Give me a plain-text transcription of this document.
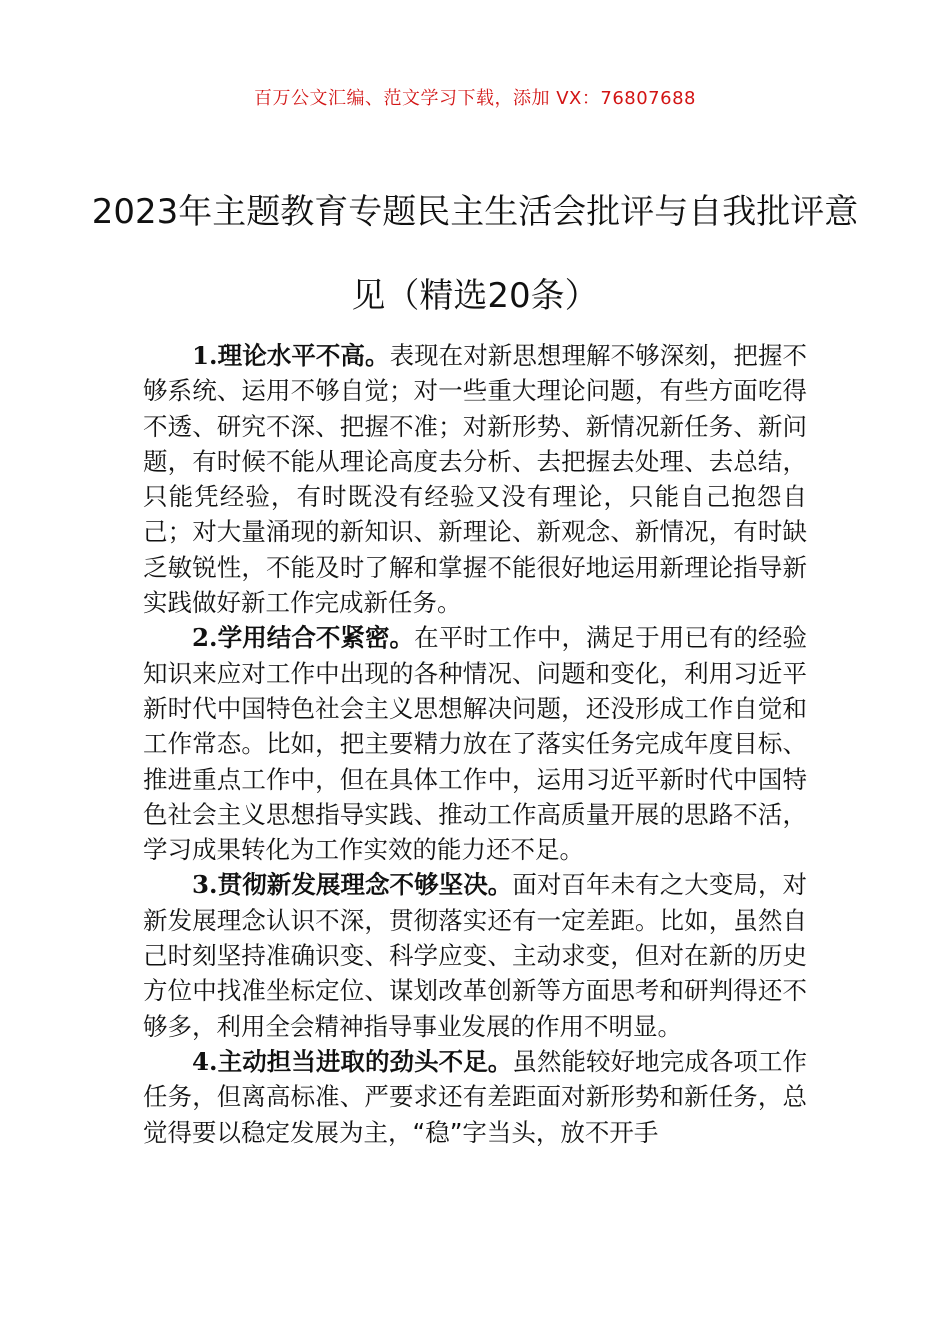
百万公文汇编、范文学习下载，添加 VX：76807688
2023年主题教育专题民主生活会批评与自我批评意见（精选20条）

1.理论水平不高。表现在对新思想理解不够深刻，把握不够系统、运用不够自觉；对一些重大理论问题，有些方面吃得不透、研究不深、把握不准；对新形势、新情况新任务、新问题，有时候不能从理论高度去分析、去把握去处理、去总结，只能凭经验，有时既没有经验又没有理论，只能自己抱怨自己；对大量涌现的新知识、新理论、新观念、新情况，有时缺乏敏锐性，不能及时了解和掌握不能很好地运用新理论指导新实践做好新工作完成新任务。

2.学用结合不紧密。在平时工作中，满足于用已有的经验知识来应对工作中出现的各种情况、问题和变化，利用习近平新时代中国特色社会主义思想解决问题，还没形成工作自觉和工作常态。比如，把主要精力放在了落实任务完成年度目标、推进重点工作中，但在具体工作中，运用习近平新时代中国特色社会主义思想指导实践、推动工作高质量开展的思路不活，学习成果转化为工作实效的能力还不足。

3.贯彻新发展理念不够坚决。面对百年未有之大变局，对新发展理念认识不深，贯彻落实还有一定差距。比如，虽然自己时刻坚持准确识变、科学应变、主动求变，但对在新的历史方位中找准坐标定位、谋划改革创新等方面思考和研判得还不够多，利用全会精神指导事业发展的作用不明显。

4.主动担当进取的劲头不足。虽然能较好地完成各项工作任务，但离高标准、严要求还有差距面对新形势和新任务，总觉得要以稳定发展为主，“稳”字当头，放不开手
